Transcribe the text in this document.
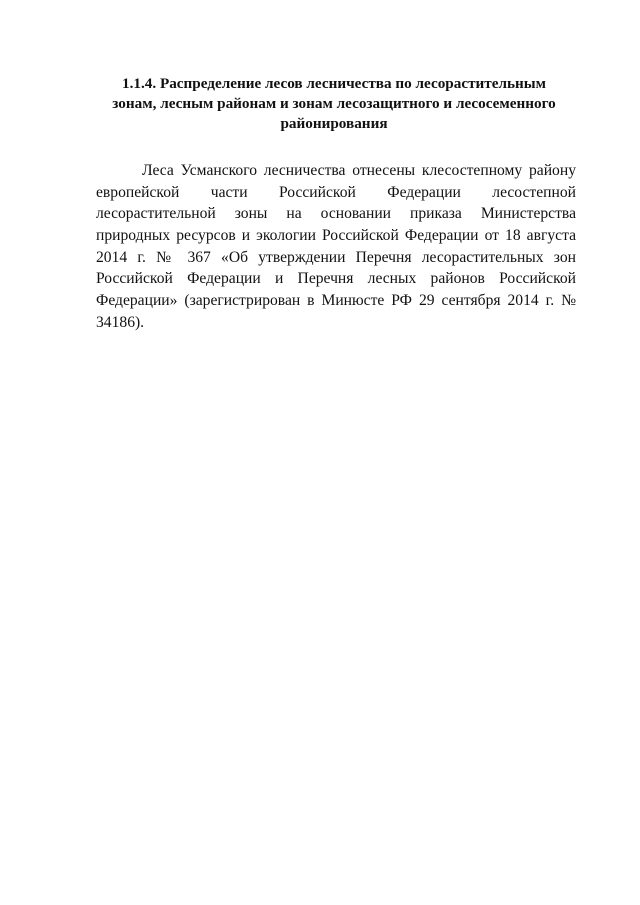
1.1.4. Распределение лесов лесничества по лесорастительным
зонам, лесным районам и зонам лесозащитного и лесосеменного
районирования
Леса Усманского лесничества отнесены клесостепному району
европейской части Российской Федерации лесостепной
лесорастительной зоны на основании приказа Министерства
природных ресурсов и экологии Российской Федерации от 18 августа
2014 г. № 367 «Об утверждении Перечня лесорастительных зон
Российской Федерации и Перечня лесных районов Российской
Федерации» (зарегистрирован в Минюсте РФ 29 сентября 2014 г. №
34186).
